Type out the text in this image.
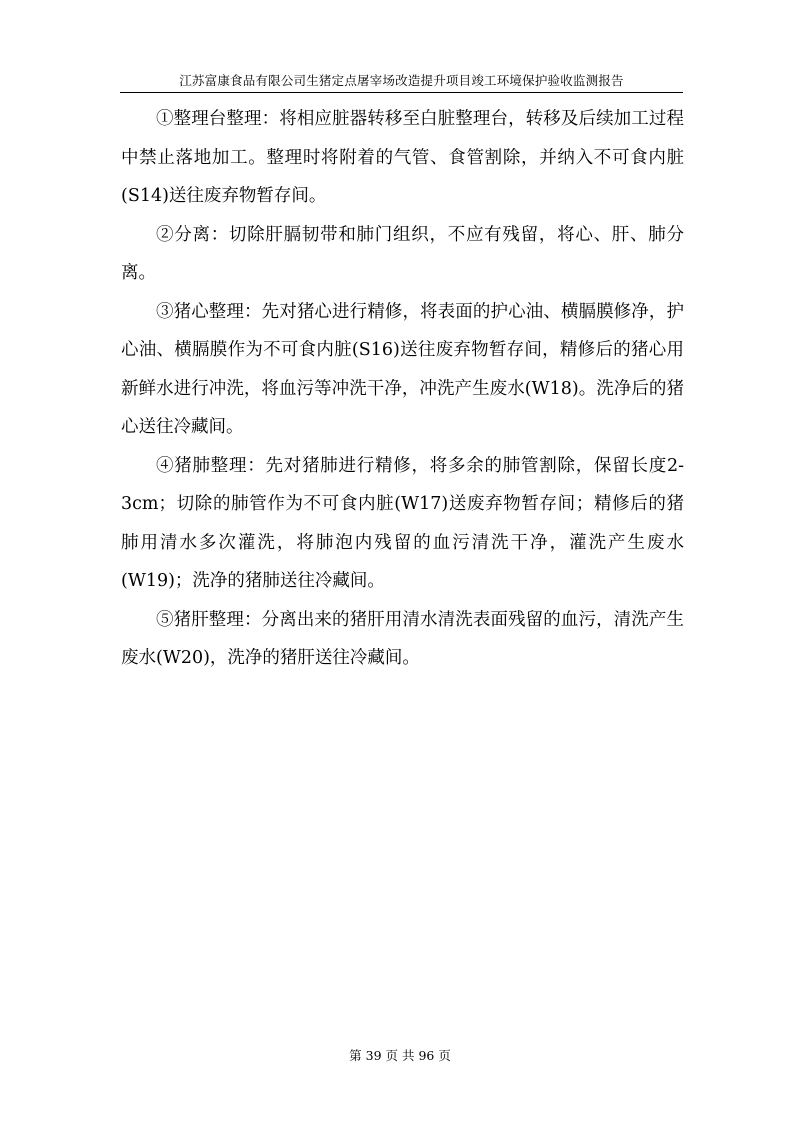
江苏富康食品有限公司生猪定点屠宰场改造提升项目竣工环境保护验收监测报告

①整理台整理：将相应脏器转移至白脏整理台，转移及后续加工过程中禁止落地加工。整理时将附着的气管、食管割除，并纳入不可食内脏(S14)送往废弃物暂存间。

②分离：切除肝膈韧带和肺门组织，不应有残留，将心、肝、肺分离。

③猪心整理：先对猪心进行精修，将表面的护心油、横膈膜修净，护心油、横膈膜作为不可食内脏(S16)送往废弃物暂存间，精修后的猪心用新鲜水进行冲洗，将血污等冲洗干净，冲洗产生废水(W18)。洗净后的猪心送往冷藏间。

④猪肺整理：先对猪肺进行精修，将多余的肺管割除，保留长度2-3cm；切除的肺管作为不可食内脏(W17)送废弃物暂存间；精修后的猪肺用清水多次灌洗，将肺泡内残留的血污清洗干净，灌洗产生废水(W19)；洗净的猪肺送往冷藏间。

⑤猪肝整理：分离出来的猪肝用清水清洗表面残留的血污，清洗产生废水(W20)，洗净的猪肝送往冷藏间。

第 39 页 共 96 页
